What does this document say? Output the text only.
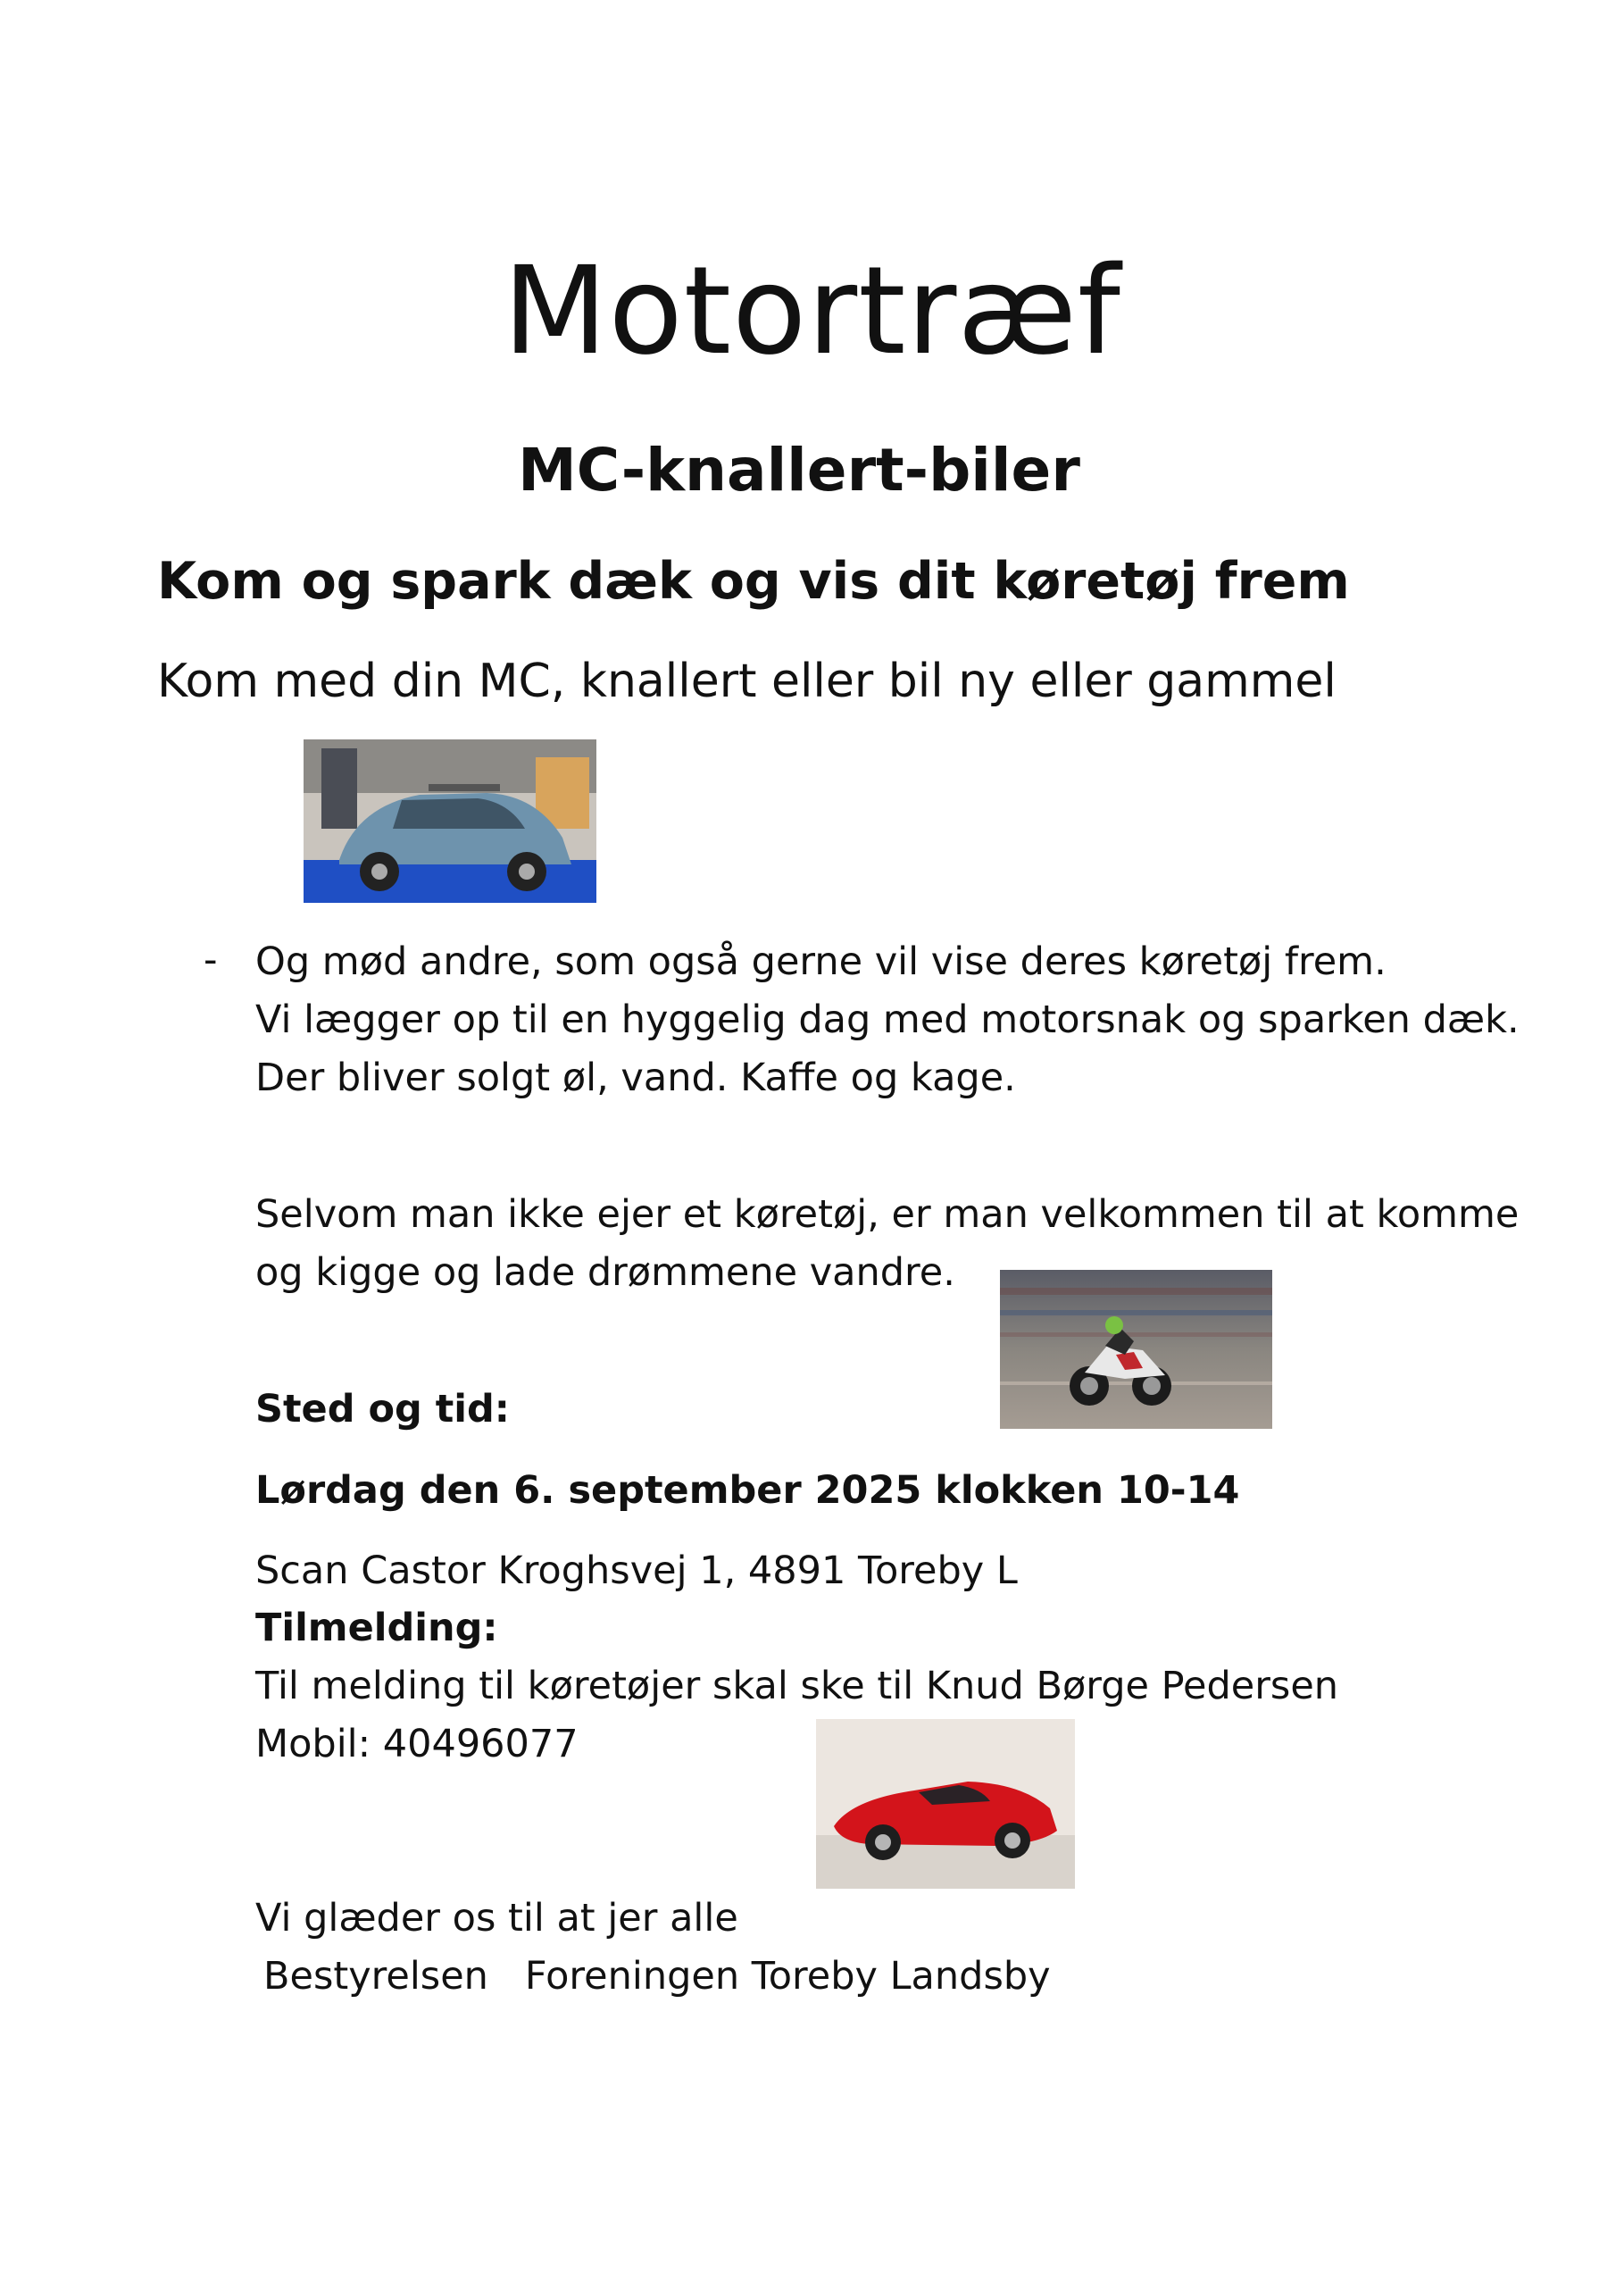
Motortræf
MC-knallert-biler
Kom og spark dæk og vis dit køretøj frem
Kom med din MC, knallert eller bil ny eller gammel
- Og mød andre, som også gerne vil vise deres køretøj frem.
Vi lægger op til en hyggelig dag med motorsnak og sparken dæk.
Der bliver solgt øl, vand. Kaffe og kage.
Selvom man ikke ejer et køretøj, er man velkommen til at komme
og kigge og lade drømmene vandre.
Sted og tid:
Lørdag den 6. september 2025 klokken 10-14
Scan Castor Kroghsvej 1, 4891 Toreby L
Tilmelding:
Til melding til køretøjer skal ske til Knud Børge Pedersen
Mobil: 40496077
Vi glæder os til at jer alle
Bestyrelsen   Foreningen Toreby Landsby
